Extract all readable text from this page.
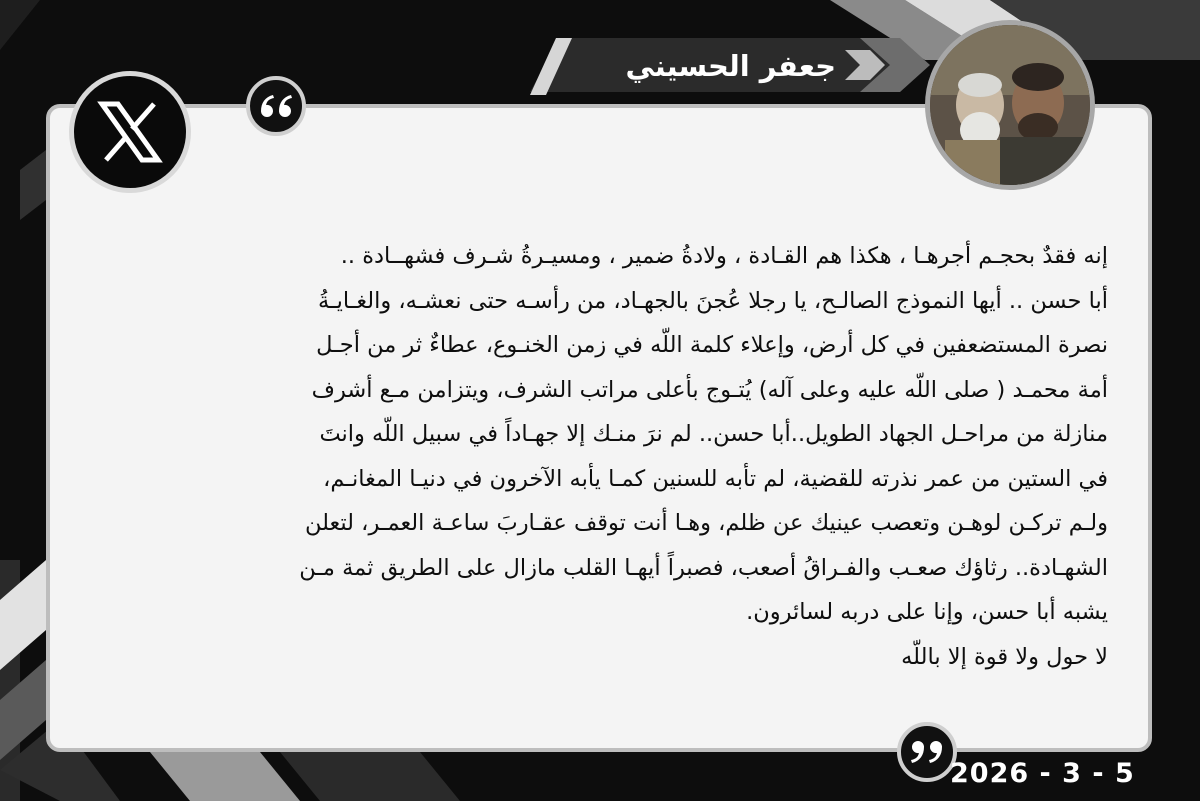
جعفر الحسيني

إنه فقدٌ بحجـم أجرهـا ، هكذا هم القـادة ، ولادةُ ضمير ، ومسيـرةُ شـرف فشهــادة ..

أبا حسن .. أيها النموذج الصالـح، يا رجلا عُجنَ بالجهـاد، من رأسـه حتى نعشـه، والغـايـةُ

نصرة المستضعفين في كل أرض، وإعلاء كلمة اللّه في زمن الخنـوع، عطاءٌ ثر من أجـل

أمة محمـد ( صلى اللّه عليه وعلى آله) يُتـوج بأعلى مراتب الشرف، ويتزامن مـع أشرف

منازلة من مراحـل الجهاد الطويل..أبا حسن.. لم نرَ منـك إلا جهـاداً في سبيل اللّه وانتَ

في الستين من عمر نذرته للقضية، لم تأبه للسنين كمـا يأبه الآخرون في دنيـا المغانـم،

ولـم تركـن لوهـن وتعصب عينيك عن ظلم، وهـا أنت توقف عقـاربَ ساعـة العمـر، لتعلن

الشهـادة.. رثاؤك صعـب والفـراقُ أصعب، فصبراً أيهـا القلب مازال على الطريق ثمة مـن

يشبه أبا حسن، وإنا على دربه لسائرون.

لا حول ولا قوة إلا باللّه

2026 - 3 - 5
